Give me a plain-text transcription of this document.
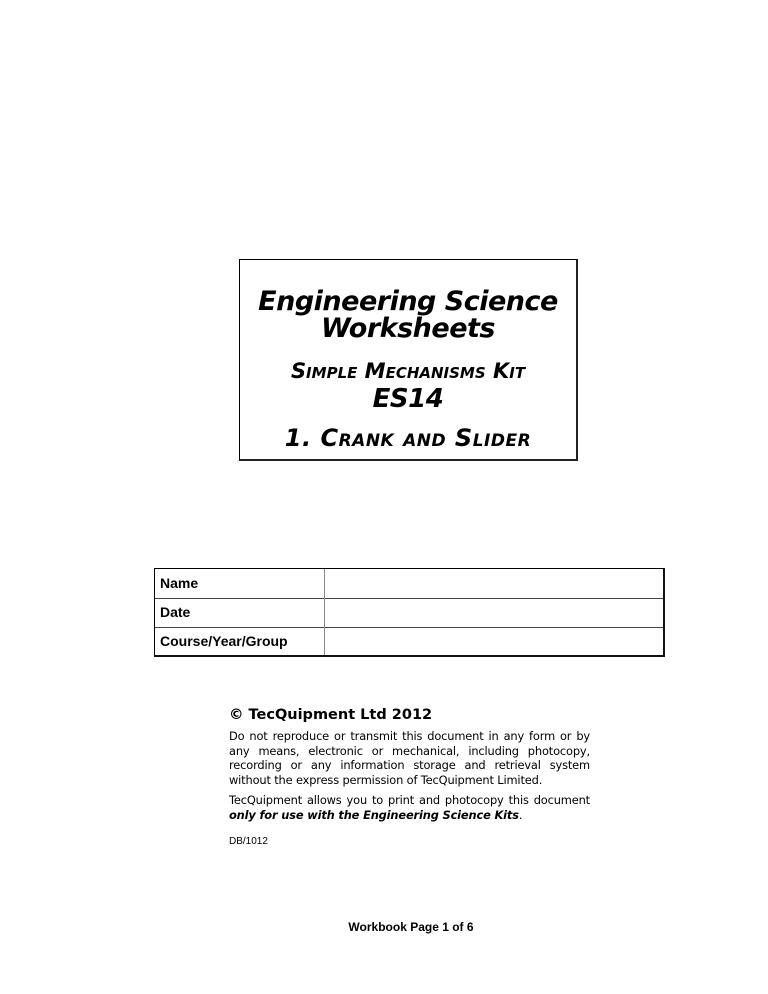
Engineering Science
Worksheets
Simple Mechanisms Kit
ES14
1. Crank and Slider
Name
Date
Course/Year/Group
© TecQuipment Ltd 2012

Do not reproduce or transmit this document in any form or by any means, electronic or mechanical, including photocopy, recording or any information storage and retrieval system without the express permission of TecQuipment Limited.

TecQuipment allows you to print and photocopy this document only for use with the Engineering Science Kits.

DB/1012
Workbook Page 1 of 6
